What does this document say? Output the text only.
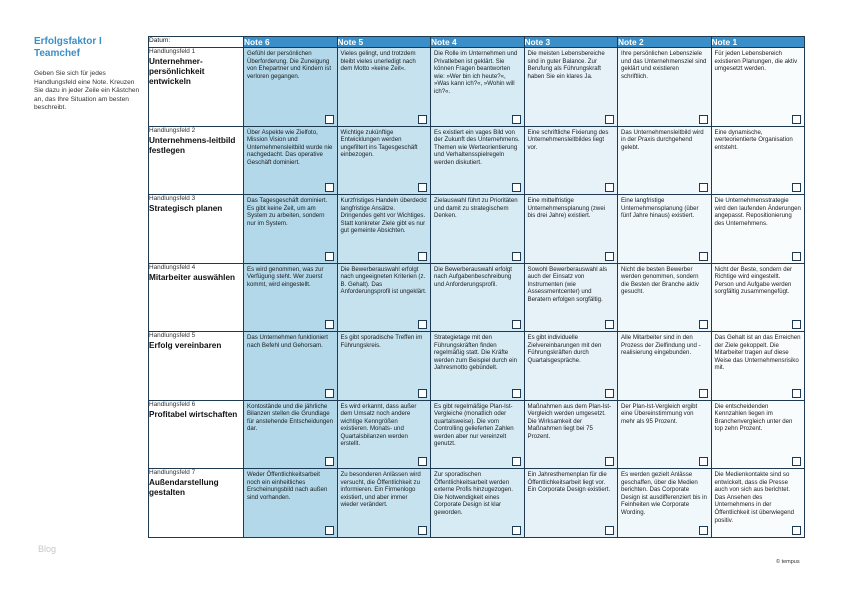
Erfolgsfaktor I

Teamchef

Geben Sie sich für jedes Handlungsfeld eine Note. Kreuzen Sie dazu in jeder Zeile ein Kästchen an, das Ihre Situation am besten beschreibt.
Blog
© tempus
Datum:	Note 6	Note 5	Note 4	Note 3	Note 2	Note 1

Handlungsfeld 1
Unternehmer-persönlichkeit entwickeln	Gefühl der persönlichen Überforderung. Die Zuneigung von Ehepartner und Kindern ist verloren gegangen.	Vieles gelingt, und trotzdem bleibt vieles unerledigt nach dem Motto »keine Zeit«.	Die Rolle im Unternehmen und Privatleben ist geklärt. Sie können Fragen beantworten wie: »Wer bin ich heute?«, »Was kann ich?«, »Wohin will ich?«.	Die meisten Lebensbereiche sind in guter Balance. Zur Berufung als Führungskraft haben Sie ein klares Ja.	Ihre persönlichen Lebensziele und das Unternehmensziel sind geklärt und existieren schriftlich.	Für jeden Lebensbereich existieren Planungen, die aktiv umgesetzt werden.

Handlungsfeld 2
Unternehmens-leitbild festlegen	Über Aspekte wie Zielfoto, Mission Vision und Unternehmensleitbild wurde nie nachgedacht. Das operative Geschäft dominiert.	Wichtige zukünftige Entwicklungen werden ungefiltert ins Tagesgeschäft einbezogen.	Es existiert ein vages Bild von der Zukunft des Unternehmens. Themen wie Werteorientierung und Verhaltensspielregeln werden diskutiert.	Eine schriftliche Fixierung des Unternehmensleitbildes liegt vor.	Das Unternehmensleitbild wird in der Praxis durchgehend gelebt.	Eine dynamische, werteorientierte Organisation entsteht.

Handlungsfeld 3
Strategisch planen	Das Tagesgeschäft dominiert. Es gibt keine Zeit, um am System zu arbeiten, sondern nur im System.	Kurzfristiges Handeln überdeckt langfristige Ansätze. Dringendes geht vor Wichtiges. Statt konkreter Ziele gibt es nur gut gemeinte Absichten.	Zielauswahl führt zu Prioritäten und damit zu strategischem Denken.	Eine mittelfristige Unternehmensplanung (zwei bis drei Jahre) existiert.	Eine langfristige Unternehmensplanung (über fünf Jahre hinaus) existiert.	Die Unternehmensstrategie wird den laufenden Änderungen angepasst. Repositionierung des Unternehmens.

Handlungsfeld 4
Mitarbeiter auswählen	Es wird genommen, was zur Verfügung steht. Wer zuerst kommt, wird eingestellt.	Die Bewerberauswahl erfolgt nach ungeeigneten Kriterien (z. B. Gehalt). Das Anforderungsprofil ist ungeklärt.	Die Bewerberauswahl erfolgt nach Aufgabenbeschreibung und Anforderungsprofil.	Sowohl Bewerberauswahl als auch der Einsatz von Instrumenten (wie Assessmentcenter) und Beratern erfolgen sorgfältig.	Nicht die besten Bewerber werden genommen, sondern die Besten der Branche aktiv gesucht.	Nicht der Beste, sondern der Richtige wird eingestellt. Person und Aufgabe werden sorgfältig zusammengefügt.

Handlungsfeld 5
Erfolg vereinbaren	Das Unternehmen funktioniert nach Befehl und Gehorsam.	Es gibt sporadische Treffen im Führungskreis.	Strategietage mit den Führungskräften finden regelmäßig statt. Die Kräfte werden zum Beispiel durch ein Jahresmotto gebündelt.	Es gibt individuelle Zielvereinbarungen mit den Führungskräften durch Quartalsgespräche.	Alle Mitarbeiter sind in den Prozess der Zielfindung und -realisierung eingebunden.	Das Gehalt ist an das Erreichen der Ziele gekoppelt. Die Mitarbeiter tragen auf diese Weise das Unternehmensrisiko mit.

Handlungsfeld 6
Profitabel wirtschaften	Kontostände und die jährliche Bilanzen stellen die Grundlage für anstehende Entscheidungen dar.	Es wird erkannt, dass außer dem Umsatz noch andere wichtige Kenngrößen existieren. Monats- und Quartalsbilanzen werden erstellt.	Es gibt regelmäßige Plan-Ist-Vergleiche (monatlich oder quartalsweise). Die vom Controlling gelieferten Zahlen werden aber nur vereinzelt genutzt.	Maßnahmen aus dem Plan-Ist-Vergleich werden umgesetzt. Die Wirksamkeit der Maßnahmen liegt bei 75 Prozent.	Der Plan-Ist-Vergleich ergibt eine Übereinstimmung von mehr als 95 Prozent.	Die entscheidenden Kennzahlen liegen im Branchenvergleich unter den top zehn Prozent.

Handlungsfeld 7
Außendarstellung gestalten	Weder Öffentlichkeitsarbeit noch ein einheitliches Erscheinungsbild nach außen sind vorhanden.	Zu besonderen Anlässen wird versucht, die Öffentlichkeit zu informieren. Ein Firmenlogo existiert, und aber immer wieder verändert.	Zur sporadischen Öffentlichkeitsarbeit werden externe Profis hinzugezogen. Die Notwendigkeit eines Corporate Design ist klar geworden.	Ein Jahresthemenplan für die Öffentlichkeitsarbeit liegt vor. Ein Corporate Design existiert.	Es werden gezielt Anlässe geschaffen, über die Medien berichten. Das Corporate Design ist ausdifferenziert bis in Feinheiten wie Corporate Wording.	Die Medienkontakte sind so entwickelt, dass die Presse auch von sich aus berichtet. Das Ansehen des Unternehmens in der Öffentlichkeit ist überwiegend positiv.
